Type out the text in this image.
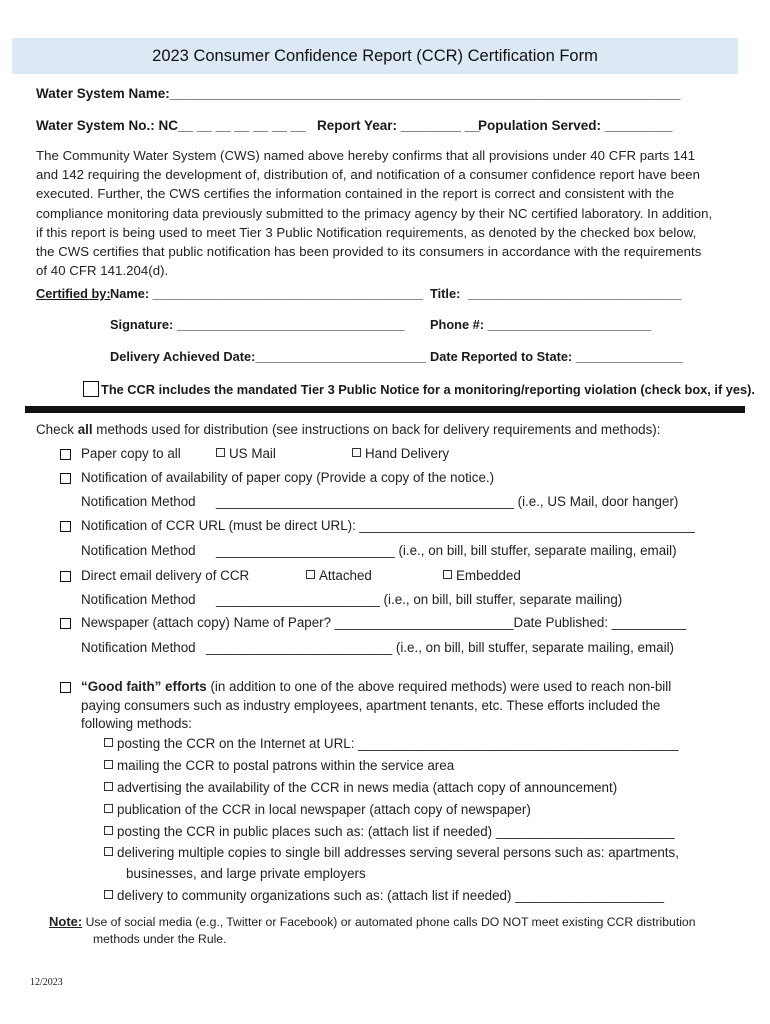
2023 Consumer Confidence Report (CCR) Certification Form
Water System Name:____________________________________________________________________
Water System No.: NC__ __ __ __ __ __ __ Report Year: ________ __
Population Served: _________
The Community Water System (CWS) named above hereby confirms that all provisions under 40 CFR parts 141 and 142 requiring the development of, distribution of, and notification of a consumer confidence report have been executed. Further, the CWS certifies the information contained in the report is correct and consistent with the compliance monitoring data previously submitted to the primacy agency by their NC certified laboratory. In addition, if this report is being used to meet Tier 3 Public Notification requirements, as denoted by the checked box below, the CWS certifies that public notification has been provided to its consumers in accordance with the requirements of 40 CFR 141.204(d).
Certified by: Name: ______________________________________ Title: ______________________________
Signature: ________________________________ Phone #: _______________________
Delivery Achieved Date:________________________ Date Reported to State: _______________
The CCR includes the mandated Tier 3 Public Notice for a monitoring/reporting violation (check box, if yes).
Check all methods used for distribution (see instructions on back for delivery requirements and methods):
Paper copy to all	US Mail	Hand Delivery
Notification of availability of paper copy (Provide a copy of the notice.)
Notification Method ________________________________________ (i.e., US Mail, door hanger)
Notification of CCR URL (must be direct URL): _____________________________________________
Notification Method ________________________ (i.e., on bill, bill stuffer, separate mailing, email)
Direct email delivery of CCR	Attached	Embedded
Notification Method ______________________ (i.e., on bill, bill stuffer, separate mailing)
Newspaper (attach copy) Name of Paper? ________________________Date Published: __________
Notification Method _________________________ (i.e., on bill, bill stuffer, separate mailing, email)
“Good faith” efforts (in addition to one of the above required methods) were used to reach non-bill
paying consumers such as industry employees, apartment tenants, etc. These efforts included the
following methods:
posting the CCR on the Internet at URL: ___________________________________________
mailing the CCR to postal patrons within the service area
advertising the availability of the CCR in news media (attach copy of announcement)
publication of the CCR in local newspaper (attach copy of newspaper)
posting the CCR in public places such as: (attach list if needed) ________________________
delivering multiple copies to single bill addresses serving several persons such as: apartments,
businesses, and large private employers
delivery to community organizations such as: (attach list if needed) ____________________
Note: Use of social media (e.g., Twitter or Facebook) or automated phone calls DO NOT meet existing CCR distribution
methods under the Rule.
12/2023
